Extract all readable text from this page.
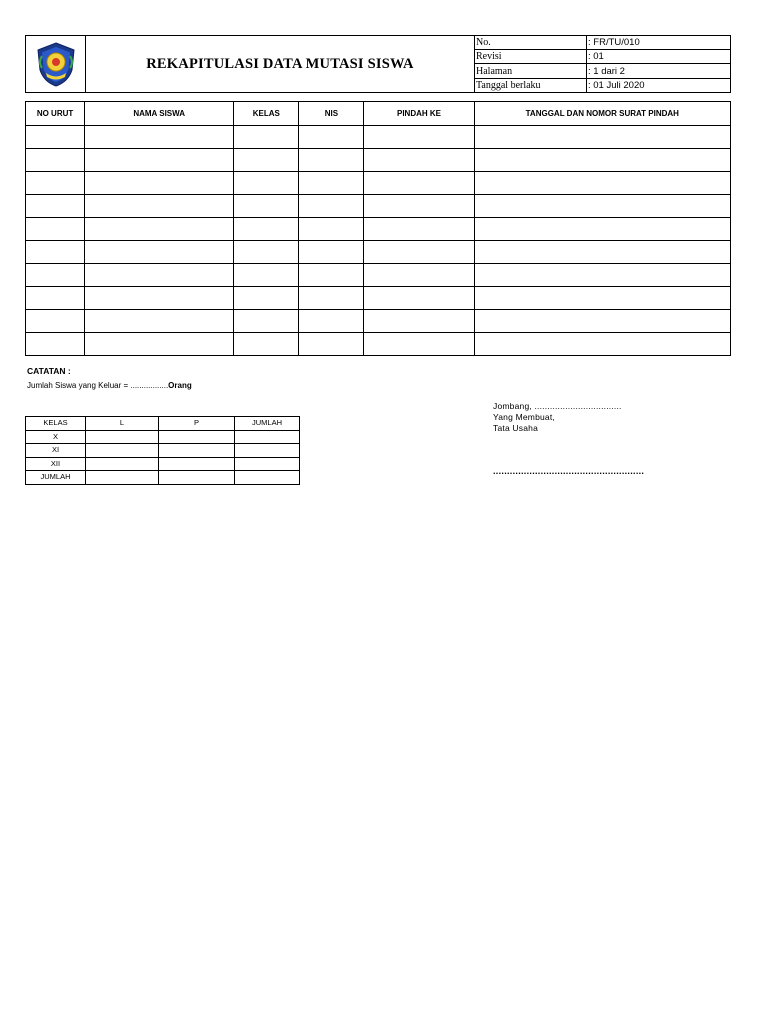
REKAPITULASI DATA MUTASI SISWA
No.	: FR/TU/010
Revisi	: 01
Halaman	: 1 dari 2
Tanggal berlaku	: 01 Juli 2020
NO URUT	NAMA SISWA	KELAS	NIS	PINDAH KE	TANGGAL DAN NOMOR SURAT PINDAH

CATATAN :
Jumlah Siswa yang Keluar = .................Orang
KELAS	L	P	JUMLAH
X			
XI			
XII			
JUMLAH			
Jombang, ..................................
Yang Membuat,
Tata Usaha
......................................................
